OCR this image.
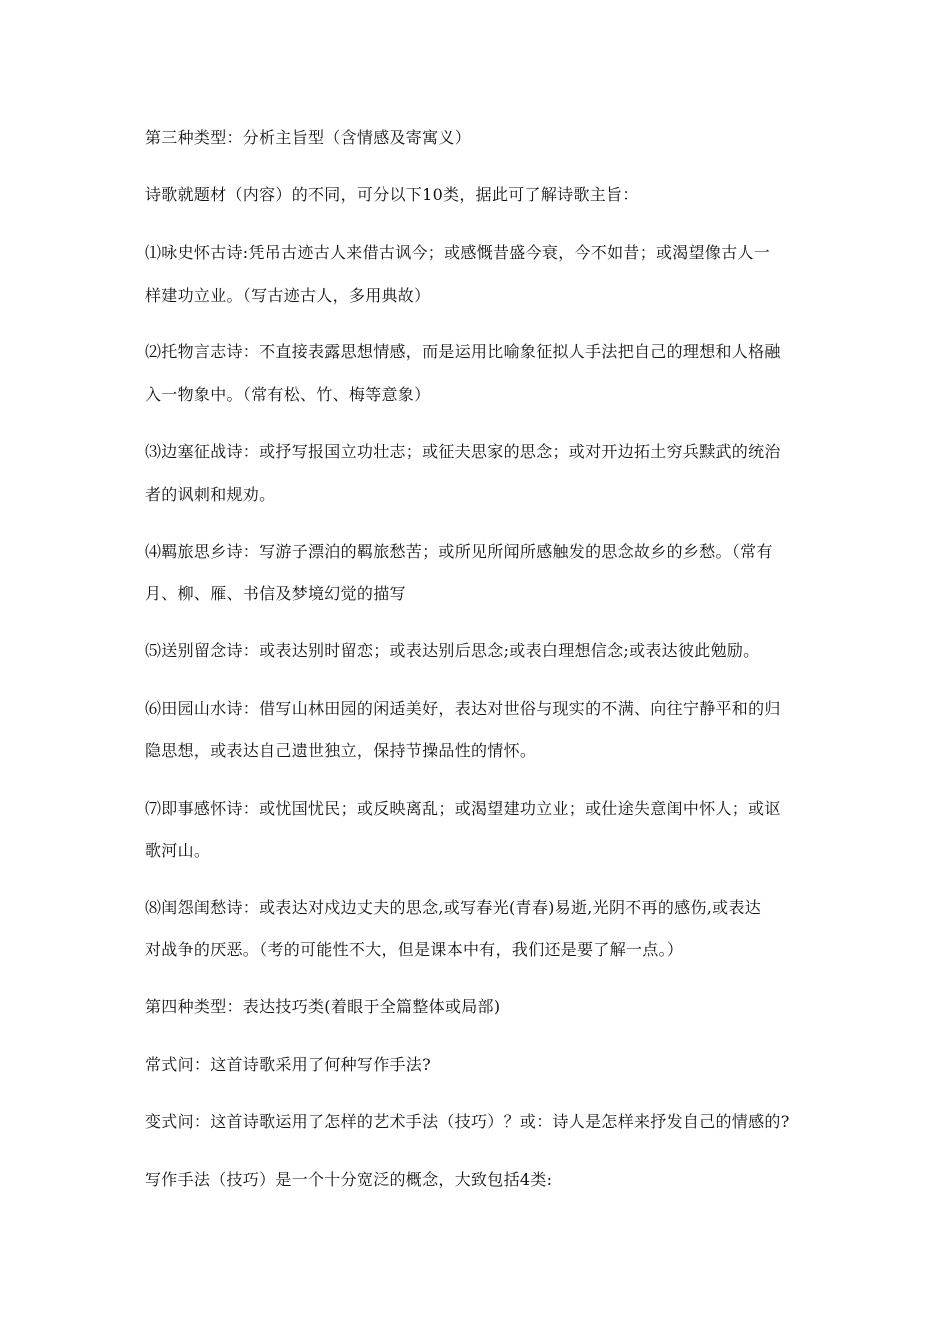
第三种类型：分析主旨型（含情感及寄寓义）

诗歌就题材（内容）的不同，可分以下10类，据此可了解诗歌主旨：

⑴咏史怀古诗:凭吊古迹古人来借古讽今；或感慨昔盛今衰，今不如昔；或渴望像古人一

样建功立业。（写古迹古人，多用典故）

⑵托物言志诗：不直接表露思想情感，而是运用比喻象征拟人手法把自己的理想和人格融

入一物象中。（常有松、竹、梅等意象）

⑶边塞征战诗：或抒写报国立功壮志；或征夫思家的思念；或对开边拓土穷兵黩武的统治

者的讽刺和规劝。

⑷羁旅思乡诗：写游子漂泊的羁旅愁苦；或所见所闻所感触发的思念故乡的乡愁。（常有

月、柳、雁、书信及梦境幻觉的描写

⑸送别留念诗：或表达别时留恋；或表达别后思念;或表白理想信念;或表达彼此勉励。

⑹田园山水诗：借写山林田园的闲适美好，表达对世俗与现实的不满、向往宁静平和的归

隐思想，或表达自己遗世独立，保持节操品性的情怀。

⑺即事感怀诗：或忧国忧民；或反映离乱；或渴望建功立业；或仕途失意闺中怀人；或讴

歌河山。

⑻闺怨闺愁诗：或表达对戍边丈夫的思念,或写春光(青春)易逝,光阴不再的感伤,或表达

对战争的厌恶。（考的可能性不大，但是课本中有，我们还是要了解一点。）

第四种类型：表达技巧类(着眼于全篇整体或局部)

常式问：这首诗歌采用了何种写作手法?

变式问：这首诗歌运用了怎样的艺术手法（技巧）？或：诗人是怎样来抒发自己的情感的?

写作手法（技巧）是一个十分宽泛的概念，大致包括4类:
